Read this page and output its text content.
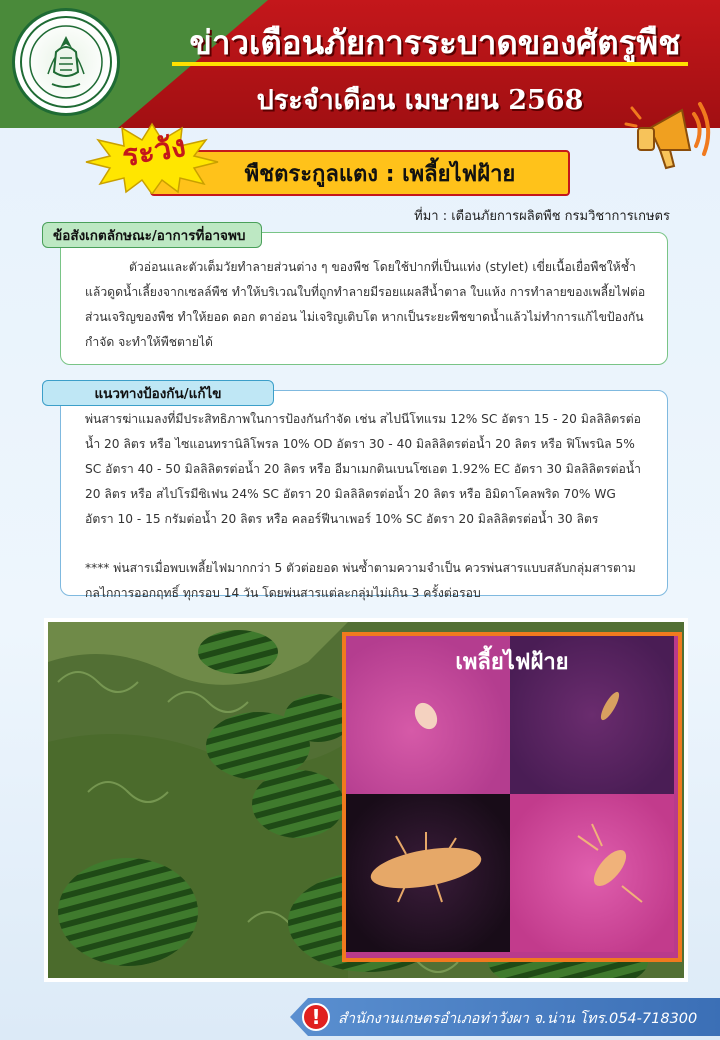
ข่าวเตือนภัยการระบาดของศัตรูพืช
ประจำเดือน เมษายน 2568
พืชตระกูลแตง : เพลี้ยไฟฝ้าย
ระวัง
ที่มา : เตือนภัยการผลิตพืช กรมวิชาการเกษตร
ตัวอ่อนและตัวเต็มวัยทำลายส่วนต่าง ๆ ของพืช โดยใช้ปากที่เป็นแท่ง (stylet) เขี่ยเนื้อเยื่อพืชให้ช้ำ แล้วดูดน้ำเลี้ยงจากเซลล์พืช ทำให้บริเวณใบที่ถูกทำลายมีรอยแผลสีน้ำตาล ใบแห้ง การทำลายของเพลี้ยไฟต่อส่วนเจริญของพืช ทำให้ยอด ดอก ตาอ่อน ไม่เจริญเติบโต หากเป็นระยะพืชขาดน้ำแล้วไม่ทำการแก้ไขป้องกันกำจัด จะทำให้พืชตายได้
ข้อสังเกตลักษณะ/อาการที่อาจพบ
พ่นสารฆ่าแมลงที่มีประสิทธิภาพในการป้องกันกำจัด เช่น สไปนีโทแรม 12% SC อัตรา 15 - 20 มิลลิลิตรต่อน้ำ 20 ลิตร หรือ ไซแอนทรานิลิโพรล 10% OD อัตรา 30 - 40 มิลลิลิตรต่อน้ำ 20 ลิตร หรือ ฟิโพรนิล 5% SC อัตรา 40 - 50 มิลลิลิตรต่อน้ำ 20 ลิตร หรือ อีมาเมกตินเบนโซเอต 1.92% EC อัตรา 30 มิลลิลิตรต่อน้ำ 20 ลิตร หรือ สไปโรมีซิเฟน 24% SC อัตรา 20 มิลลิลิตรต่อน้ำ 20 ลิตร หรือ อิมิดาโคลพริด 70% WG อัตรา 10 - 15 กรัมต่อน้ำ 20 ลิตร หรือ คลอร์ฟีนาเพอร์ 10% SC อัตรา 20 มิลลิลิตรต่อน้ำ 30 ลิตร
**** พ่นสารเมื่อพบเพลี้ยไฟมากกว่า 5 ตัวต่อยอด พ่นซ้ำตามความจำเป็น ควรพ่นสารแบบสลับกลุ่มสารตามกลไกการออกฤทธิ์ ทุกรอบ 14 วัน โดยพ่นสารแต่ละกลุ่มไม่เกิน 3 ครั้งต่อรอบ
แนวทางป้องกัน/แก้ไข
เพลี้ยไฟฝ้าย
!	สำนักงานเกษตรอำเภอท่าวังผา จ.น่าน โทร.054-718300
